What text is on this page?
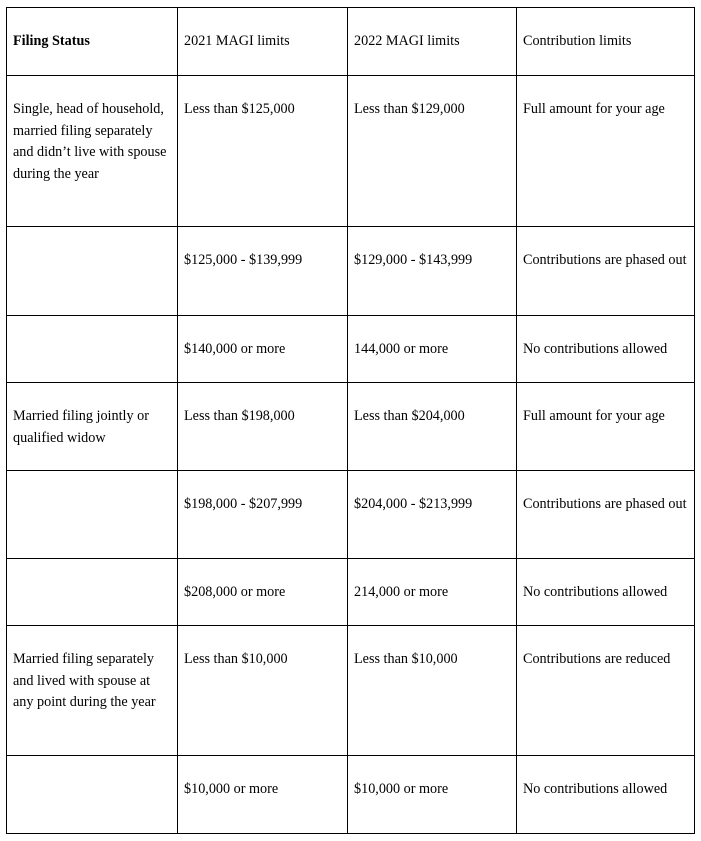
Filing Status	2021 MAGI limits	2022 MAGI limits	Contribution limits
Single, head of household, married filing separately and didn’t live with spouse during the year	Less than $125,000	Less than $129,000	Full amount for your age
	$125,000 - $139,999	$129,000 - $143,999	Contributions are phased out
	$140,000 or more	144,000 or more	No contributions allowed
Married filing jointly or qualified widow	Less than $198,000	Less than $204,000	Full amount for your age
	$198,000 - $207,999	$204,000 - $213,999	Contributions are phased out
	$208,000 or more	214,000 or more	No contributions allowed
Married filing separately and lived with spouse at any point during the year	Less than $10,000	Less than $10,000	Contributions are reduced
	$10,000 or more	$10,000 or more	No contributions allowed
